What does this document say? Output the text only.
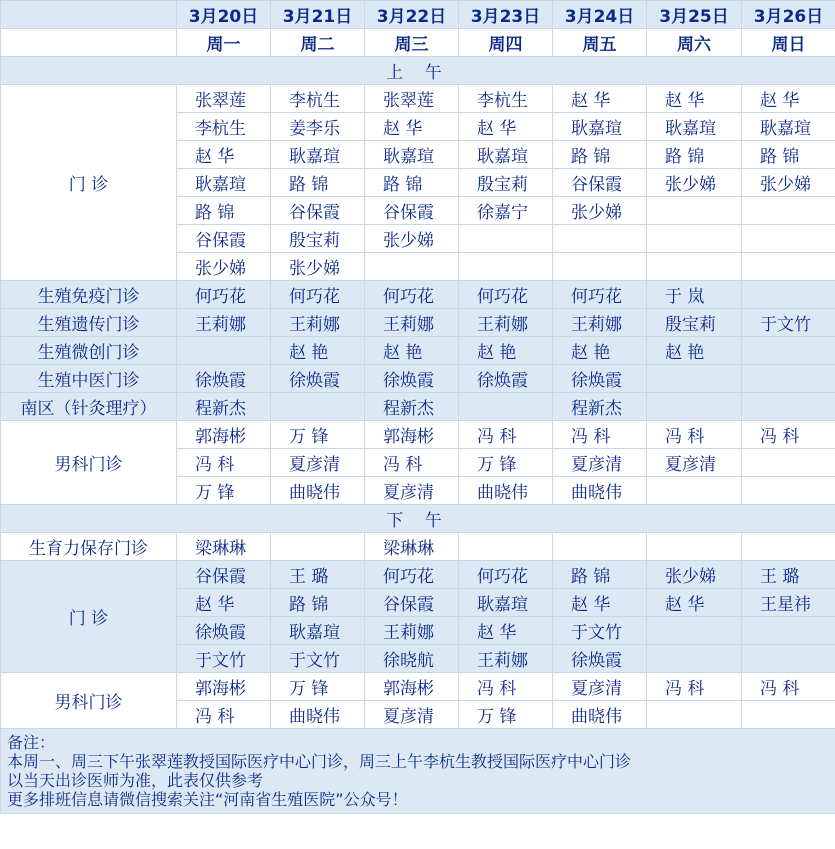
	3月20日	3月21日	3月22日	3月23日	3月24日	3月25日	3月26日
	周一	周二	周三	周四	周五	周六	周日
上 午							
门 诊	张翠莲	李杭生	张翠莲	李杭生	赵 华	赵 华	赵 华
	李杭生	姜李乐	赵 华	赵 华	耿嘉瑄	耿嘉瑄	耿嘉瑄
	赵 华	耿嘉瑄	耿嘉瑄	耿嘉瑄	路 锦	路 锦	路 锦
	耿嘉瑄	路 锦	路 锦	殷宝莉	谷保霞	张少娣	张少娣
	路 锦	谷保霞	谷保霞	徐嘉宁	张少娣		
	谷保霞	殷宝莉	张少娣				
	张少娣	张少娣					
生殖免疫门诊	何巧花	何巧花	何巧花	何巧花	何巧花	于 岚	
生殖遗传门诊	王莉娜	王莉娜	王莉娜	王莉娜	王莉娜	殷宝莉	于文竹
生殖微创门诊		赵 艳	赵 艳	赵 艳	赵 艳	赵 艳	
生殖中医门诊	徐焕霞	徐焕霞	徐焕霞	徐焕霞	徐焕霞		
南区（针灸理疗）	程新杰		程新杰		程新杰		
男科门诊	郭海彬	万 锋	郭海彬	冯 科	冯 科	冯 科	冯 科
	冯 科	夏彦清	冯 科	万 锋	夏彦清	夏彦清	
	万 锋	曲晓伟	夏彦清	曲晓伟	曲晓伟		
下 午							
生育力保存门诊	梁琳琳		梁琳琳				
门 诊	谷保霞	王 璐	何巧花	何巧花	路 锦	张少娣	王 璐
	赵 华	路 锦	谷保霞	耿嘉瑄	赵 华	赵 华	王星祎
	徐焕霞	耿嘉瑄	王莉娜	赵 华	于文竹		
	于文竹	于文竹	徐晓航	王莉娜	徐焕霞		
男科门诊	郭海彬	万 锋	郭海彬	冯 科	夏彦清	冯 科	冯 科
	冯 科	曲晓伟	夏彦清	万 锋	曲晓伟		

备注：
本周一、周三下午张翠莲教授国际医疗中心门诊，周三上午李杭生教授国际医疗中心门诊
以当天出诊医师为准，此表仅供参考
更多排班信息请微信搜索关注“河南省生殖医院”公众号！							
